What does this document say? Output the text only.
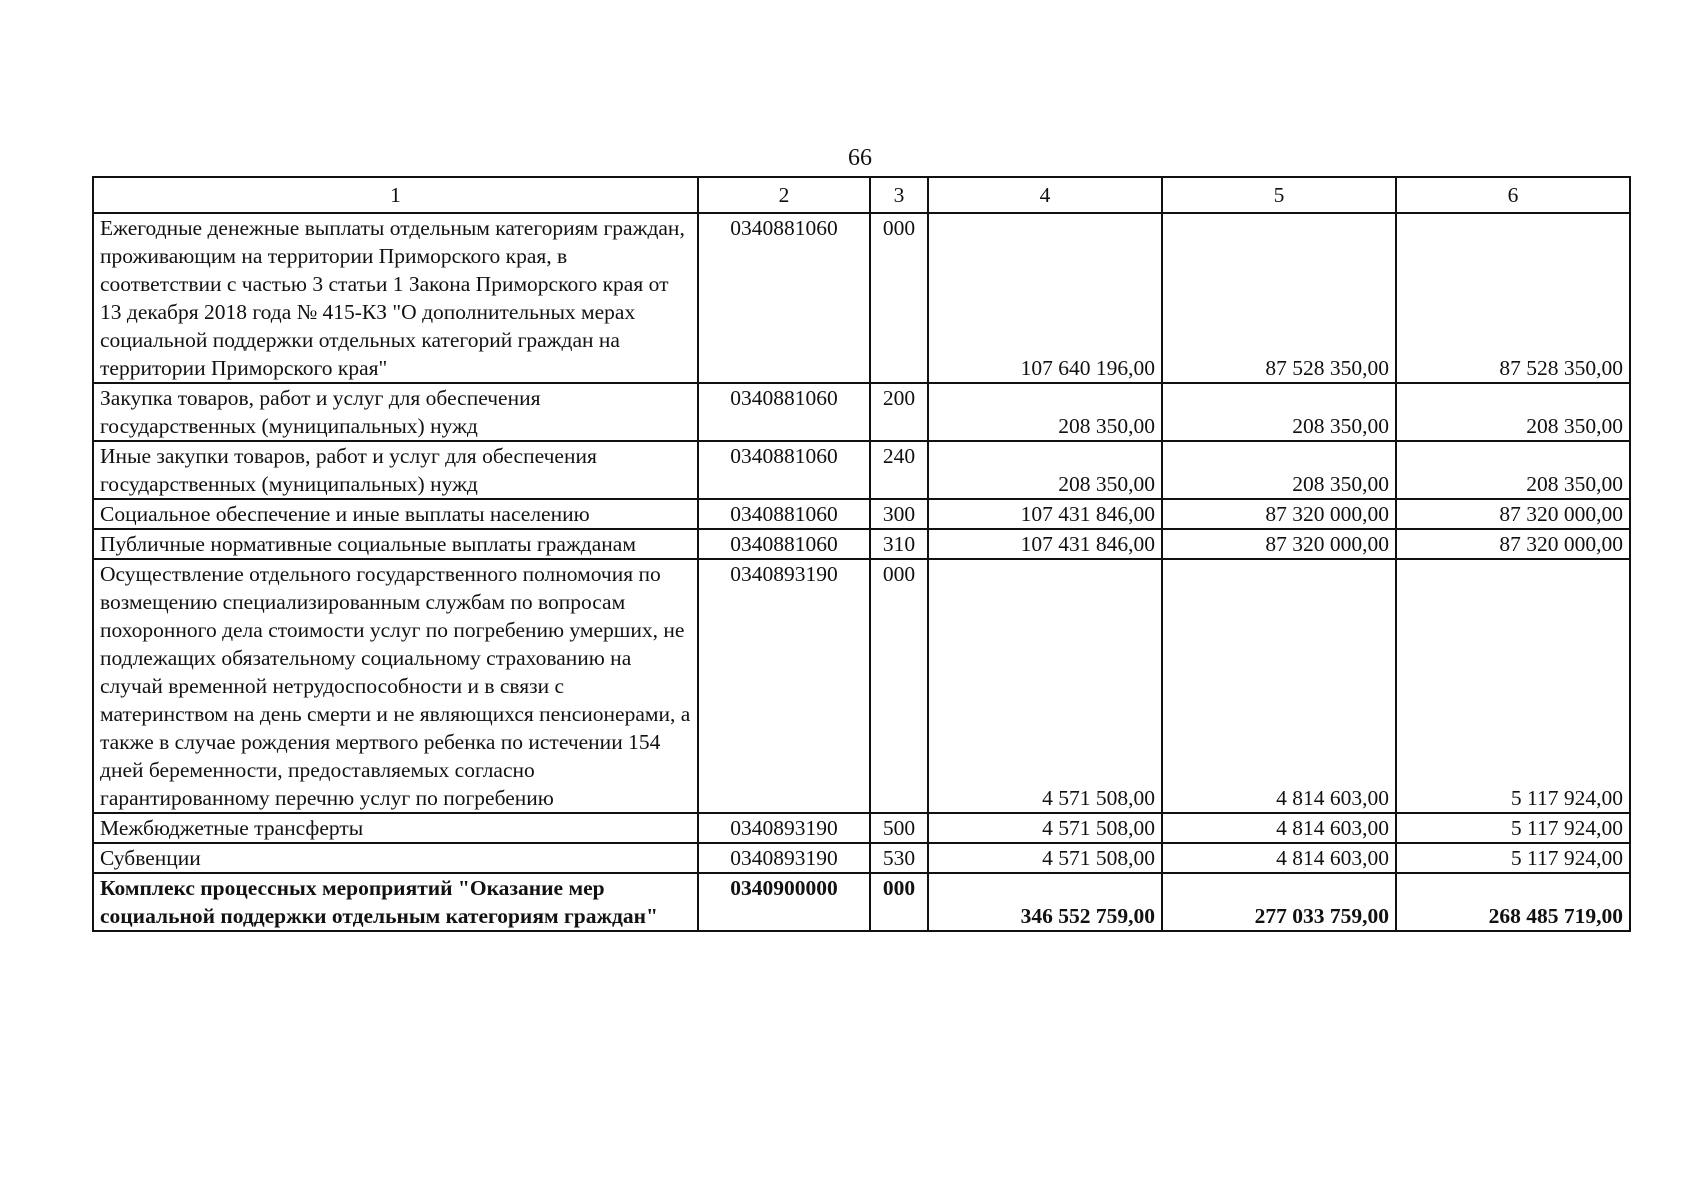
66
1	2	3	4	5	6
Ежегодные денежные выплаты отдельным категориям граждан, проживающим на территории Приморского края, в соответствии с частью 3 статьи 1 Закона Приморского края от 13 декабря 2018 года № 415-КЗ "О дополнительных мерах социальной поддержки отдельных категорий граждан на территории Приморского края"	0340881060	000	107 640 196,00	87 528 350,00	87 528 350,00
Закупка товаров, работ и услуг для обеспечения государственных (муниципальных) нужд	0340881060	200	208 350,00	208 350,00	208 350,00
Иные закупки товаров, работ и услуг для обеспечения государственных (муниципальных) нужд	0340881060	240	208 350,00	208 350,00	208 350,00
Социальное обеспечение и иные выплаты населению	0340881060	300	107 431 846,00	87 320 000,00	87 320 000,00
Публичные нормативные социальные выплаты гражданам	0340881060	310	107 431 846,00	87 320 000,00	87 320 000,00
Осуществление отдельного государственного полномочия по возмещению специализированным службам по вопросам похоронного дела стоимости услуг по погребению умерших, не подлежащих обязательному социальному страхованию на случай временной нетрудоспособности и в связи с материнством на день смерти и не являющихся пенсионерами, а также в случае рождения мертвого ребенка по истечении 154 дней беременности, предоставляемых согласно гарантированному перечню услуг по погребению	0340893190	000	4 571 508,00	4 814 603,00	5 117 924,00
Межбюджетные трансферты	0340893190	500	4 571 508,00	4 814 603,00	5 117 924,00
Субвенции	0340893190	530	4 571 508,00	4 814 603,00	5 117 924,00
Комплекс процессных мероприятий "Оказание мер социальной поддержки отдельным категориям граждан"	0340900000	000	346 552 759,00	277 033 759,00	268 485 719,00
